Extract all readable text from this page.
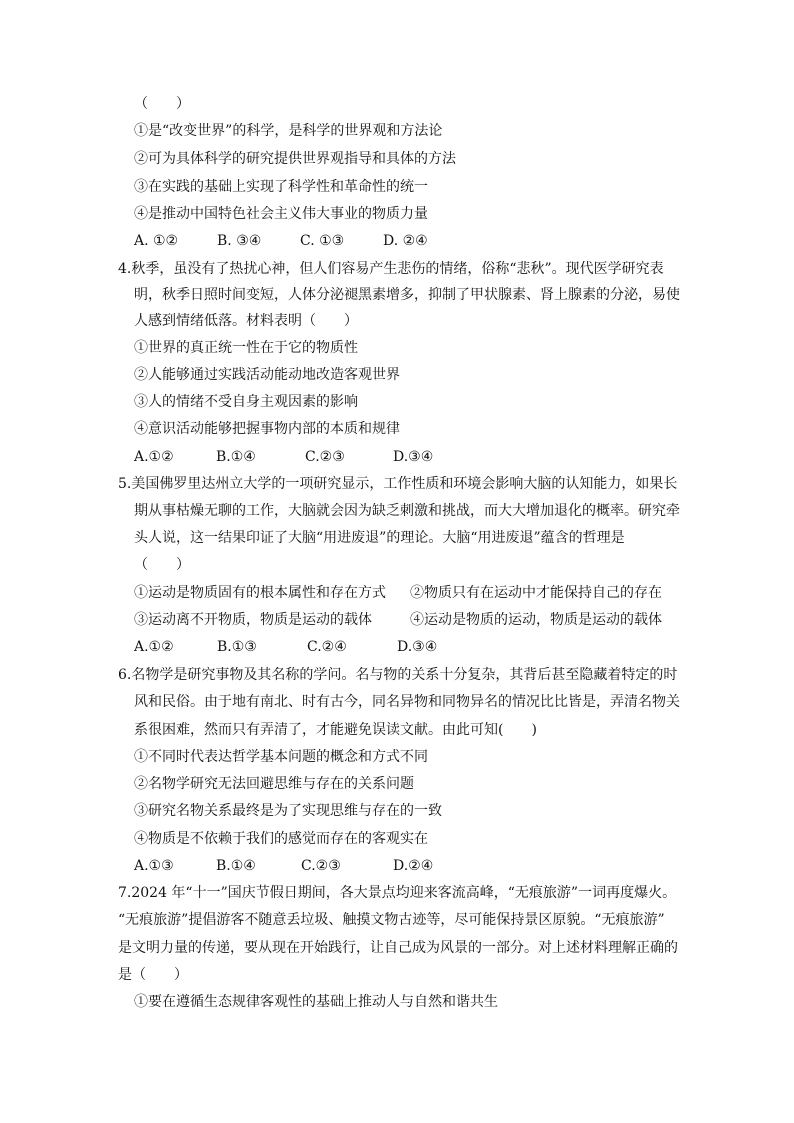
（　　）
①是“改变世界”的科学，是科学的世界观和方法论
②可为具体科学的研究提供世界观指导和具体的方法
③在实践的基础上实现了科学性和革命性的统一
④是推动中国特色社会主义伟大事业的物质力量
A. ①②	B. ③④	C. ①③	D. ②④
4.秋季，虽没有了热扰心神，但人们容易产生悲伤的情绪，俗称“悲秋”。现代医学研究表
明，秋季日照时间变短，人体分泌褪黑素增多，抑制了甲状腺素、肾上腺素的分泌，易使
人感到情绪低落。材料表明（　　）
①世界的真正统一性在于它的物质性
②人能够通过实践活动能动地改造客观世界
③人的情绪不受自身主观因素的影响
④意识活动能够把握事物内部的本质和规律
A.①②	B.①④	C.②③	D.③④
5.美国佛罗里达州立大学的一项研究显示，工作性质和环境会影响大脑的认知能力，如果长
期从事枯燥无聊的工作，大脑就会因为缺乏刺激和挑战，而大大增加退化的概率。研究牵
头人说，这一结果印证了大脑“用进废退”的理论。大脑“用进废退”蕴含的哲理是
（　　）
①运动是物质固有的根本属性和存在方式 ②物质只有在运动中才能保持自己的存在
③运动离不开物质，物质是运动的载体	④运动是物质的运动，物质是运动的载体
A.①②	B.①③	C.②④	D.③④
6.名物学是研究事物及其名称的学问。名与物的关系十分复杂，其背后甚至隐藏着特定的时
风和民俗。由于地有南北、时有古今，同名异物和同物异名的情况比比皆是，弄清名物关
系很困难，然而只有弄清了，才能避免误读文献。由此可知(　　)
①不同时代表达哲学基本问题的概念和方式不同
②名物学研究无法回避思维与存在的关系问题
③研究名物关系最终是为了实现思维与存在的一致
④物质是不依赖于我们的感觉而存在的客观实在
A.①③	B.①④	C.②③	D.②④
7.2024 年“十一”国庆节假日期间，各大景点均迎来客流高峰，“无痕旅游”一词再度爆火。
“无痕旅游”提倡游客不随意丢垃圾、触摸文物古迹等，尽可能保持景区原貌。“无痕旅游”
是文明力量的传递，要从现在开始践行，让自己成为风景的一部分。对上述材料理解正确的
是（　　）
①要在遵循生态规律客观性的基础上推动人与自然和谐共生
